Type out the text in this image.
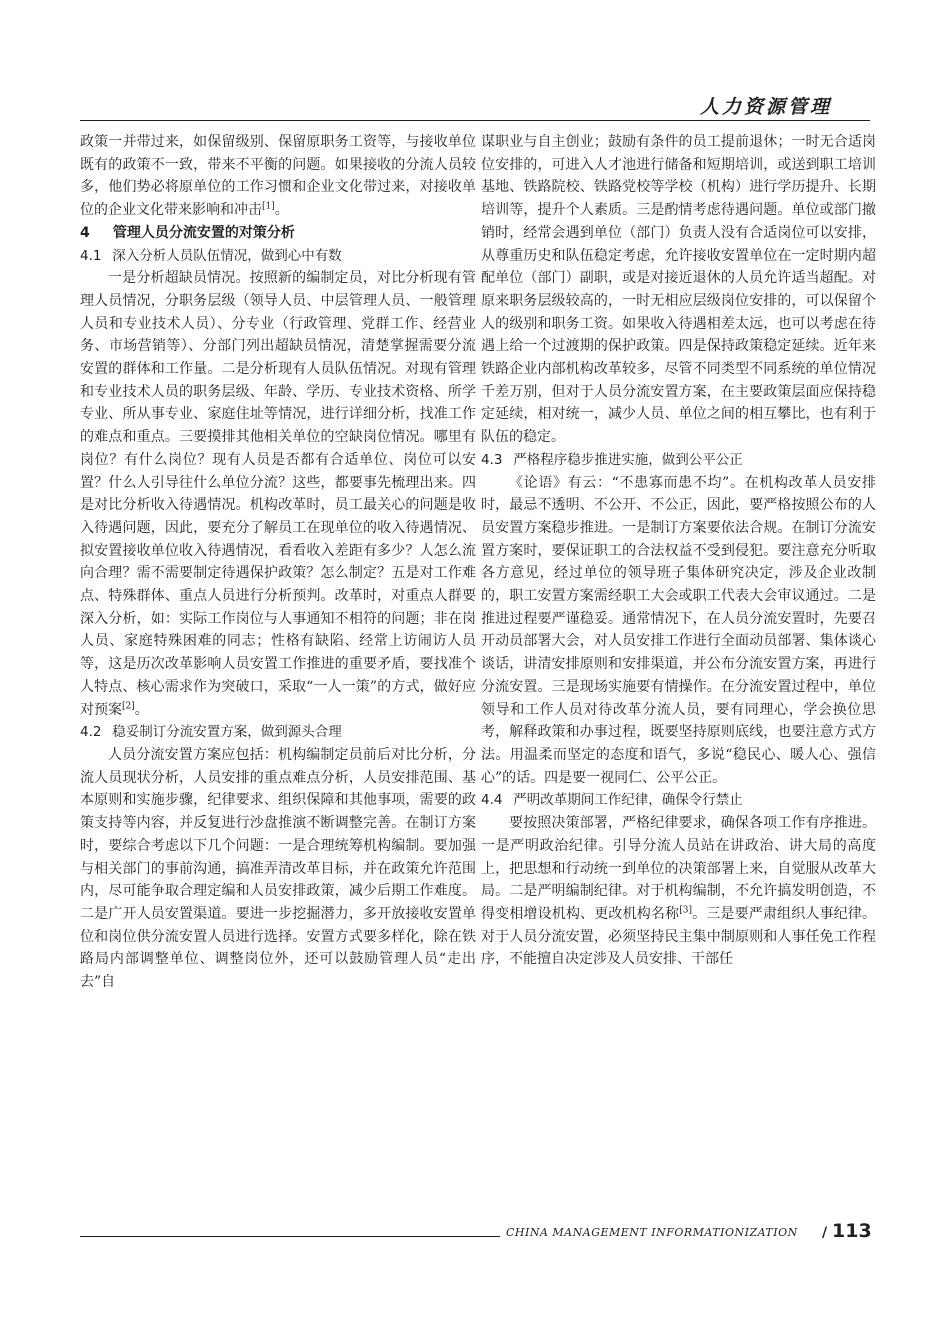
人力资源管理

政策一并带过来，如保留级别、保留原职务工资等，与接收单位既有的政策不一致，带来不平衡的问题。如果接收的分流人员较多，他们势必将原单位的工作习惯和企业文化带过来，对接收单位的企业文化带来影响和冲击[1]。

4 管理人员分流安置的对策分析

4.1 深入分析人员队伍情况，做到心中有数

一是分析超缺员情况。按照新的编制定员，对比分析现有管理人员情况，分职务层级（领导人员、中层管理人员、一般管理人员和专业技术人员）、分专业（行政管理、党群工作、经营业务、市场营销等）、分部门列出超缺员情况，清楚掌握需要分流安置的群体和工作量。二是分析现有人员队伍情况。对现有管理和专业技术人员的职务层级、年龄、学历、专业技术资格、所学专业、所从事专业、家庭住址等情况，进行详细分析，找准工作的难点和重点。三要摸排其他相关单位的空缺岗位情况。哪里有岗位？有什么岗位？现有人员是否都有合适单位、岗位可以安置？什么人引导往什么单位分流？这些，都要事先梳理出来。四是对比分析收入待遇情况。机构改革时，员工最关心的问题是收入待遇问题，因此，要充分了解员工在现单位的收入待遇情况、拟安置接收单位收入待遇情况，看看收入差距有多少？人怎么流向合理？需不需要制定待遇保护政策？怎么制定？五是对工作难点、特殊群体、重点人员进行分析预判。改革时，对重点人群要深入分析，如：实际工作岗位与人事通知不相符的问题；非在岗人员、家庭特殊困难的同志；性格有缺陷、经常上访闹访人员等，这是历次改革影响人员安置工作推进的重要矛盾，要找准个人特点、核心需求作为突破口，采取“一人一策”的方式，做好应对预案[2]。

4.2 稳妥制订分流安置方案，做到源头合理

人员分流安置方案应包括：机构编制定员前后对比分析，分流人员现状分析，人员安排的重点难点分析，人员安排范围、基本原则和实施步骤，纪律要求、组织保障和其他事项，需要的政策支持等内容，并反复进行沙盘推演不断调整完善。在制订方案时，要综合考虑以下几个问题：一是合理统筹机构编制。要加强与相关部门的事前沟通，搞准弄清改革目标，并在政策允许范围内，尽可能争取合理定编和人员安排政策，减少后期工作难度。二是广开人员安置渠道。要进一步挖掘潜力，多开放接收安置单位和岗位供分流安置人员进行选择。安置方式要多样化，除在铁路局内部调整单位、调整岗位外，还可以鼓励管理人员“走出去”自

谋职业与自主创业；鼓励有条件的员工提前退休；一时无合适岗位安排的，可进入人才池进行储备和短期培训，或送到职工培训基地、铁路院校、铁路党校等学校（机构）进行学历提升、长期培训等，提升个人素质。三是酌情考虑待遇问题。单位或部门撤销时，经常会遇到单位（部门）负责人没有合适岗位可以安排，从尊重历史和队伍稳定考虑，允许接收安置单位在一定时期内超配单位（部门）副职，或是对接近退休的人员允许适当超配。对原来职务层级较高的，一时无相应层级岗位安排的，可以保留个人的级别和职务工资。如果收入待遇相差太远，也可以考虑在待遇上给一个过渡期的保护政策。四是保持政策稳定延续。近年来铁路企业内部机构改革较多，尽管不同类型不同系统的单位情况千差万别，但对于人员分流安置方案，在主要政策层面应保持稳定延续，相对统一，减少人员、单位之间的相互攀比，也有利于队伍的稳定。

4.3 严格程序稳步推进实施，做到公平公正

《论语》有云：“不患寡而患不均”。在机构改革人员安排时，最忌不透明、不公开、不公正，因此，要严格按照公布的人员安置方案稳步推进。一是制订方案要依法合规。在制订分流安置方案时，要保证职工的合法权益不受到侵犯。要注意充分听取各方意见，经过单位的领导班子集体研究决定，涉及企业改制的，职工安置方案需经职工大会或职工代表大会审议通过。二是推进过程要严谨稳妥。通常情况下，在人员分流安置时，先要召开动员部署大会，对人员安排工作进行全面动员部署、集体谈心谈话，讲清安排原则和安排渠道，并公布分流安置方案，再进行分流安置。三是现场实施要有情操作。在分流安置过程中，单位领导和工作人员对待改革分流人员，要有同理心，学会换位思考，解释政策和办事过程，既要坚持原则底线，也要注意方式方法。用温柔而坚定的态度和语气，多说“稳民心、暖人心、强信心”的话。四是要一视同仁、公平公正。

4.4 严明改革期间工作纪律，确保令行禁止

要按照决策部署，严格纪律要求，确保各项工作有序推进。一是严明政治纪律。引导分流人员站在讲政治、讲大局的高度上，把思想和行动统一到单位的决策部署上来，自觉服从改革大局。二是严明编制纪律。对于机构编制，不允许搞发明创造，不得变相增设机构、更改机构名称[3]。三是要严肃组织人事纪律。对于人员分流安置，必须坚持民主集中制原则和人事任免工作程序，不能擅自决定涉及人员安排、干部任

CHINA MANAGEMENT INFORMATIONIZATION / 113
